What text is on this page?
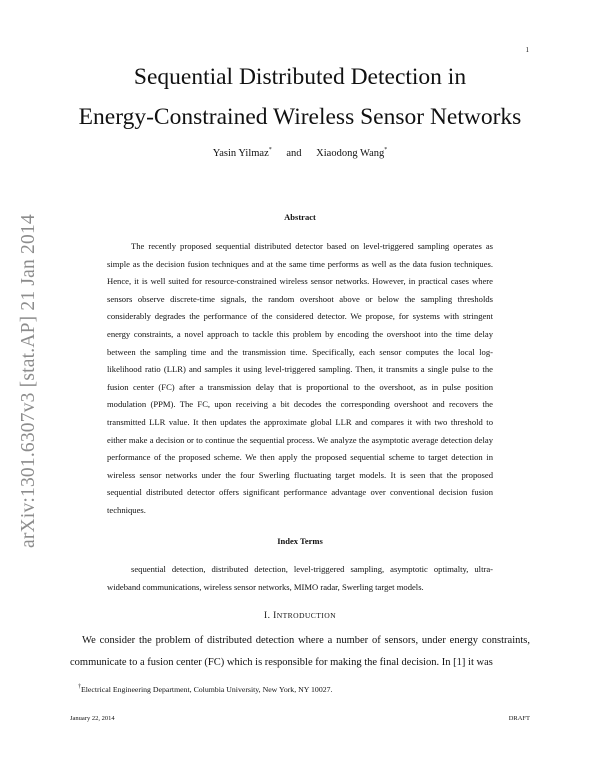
1
arXiv:1301.6307v3 [stat.AP] 21 Jan 2014
Sequential Distributed Detection in
Energy-Constrained Wireless Sensor Networks
Yasin Yilmaz* and Xiaodong Wang*
Abstract

The recently proposed sequential distributed detector based on level-triggered sampling operates as simple as the decision fusion techniques and at the same time performs as well as the data fusion techniques. Hence, it is well suited for resource-constrained wireless sensor networks. However, in practical cases where sensors observe discrete-time signals, the random overshoot above or below the sampling thresholds considerably degrades the performance of the considered detector. We propose, for systems with stringent energy constraints, a novel approach to tackle this problem by encoding the overshoot into the time delay between the sampling time and the transmission time. Specifically, each sensor computes the local log-likelihood ratio (LLR) and samples it using level-triggered sampling. Then, it transmits a single pulse to the fusion center (FC) after a transmission delay that is proportional to the overshoot, as in pulse position modulation (PPM). The FC, upon receiving a bit decodes the corresponding overshoot and recovers the transmitted LLR value. It then updates the approximate global LLR and compares it with two threshold to either make a decision or to continue the sequential process. We analyze the asymptotic average detection delay performance of the proposed scheme. We then apply the proposed sequential scheme to target detection in wireless sensor networks under the four Swerling fluctuating target models. It is seen that the proposed sequential distributed detector offers significant performance advantage over conventional decision fusion techniques.

Index Terms

sequential detection, distributed detection, level-triggered sampling, asymptotic optimalty, ultra-wideband communications, wireless sensor networks, MIMO radar, Swerling target models.

I. INTRODUCTION

We consider the problem of distributed detection where a number of sensors, under energy constraints, communicate to a fusion center (FC) which is responsible for making the final decision. In [1] it was

†Electrical Engineering Department, Columbia University, New York, NY 10027.
January 22, 2014	DRAFT
